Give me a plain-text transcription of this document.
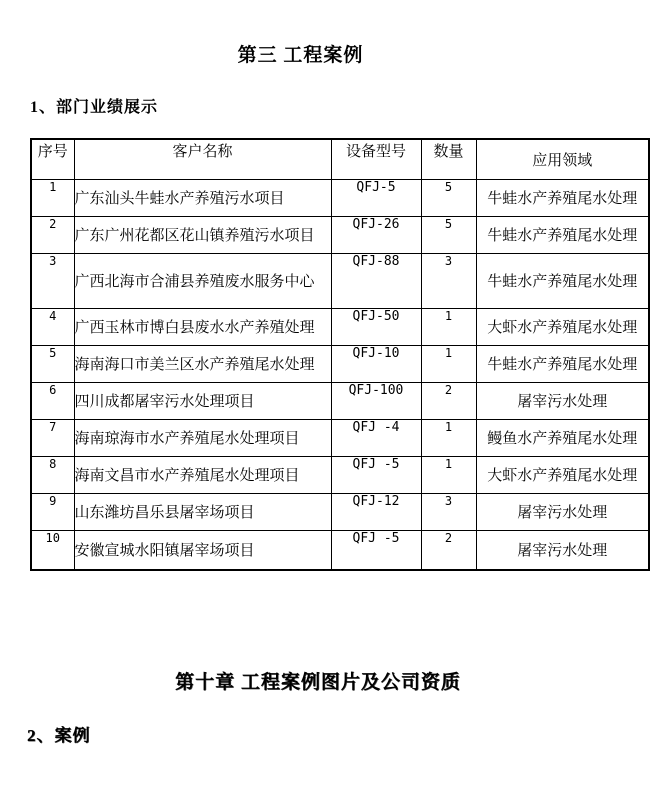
第三 工程案例
1、部门业绩展示
序号	客户名称	设备型号	数量	应用领域
1	广东汕头牛蛙水产养殖污水项目	QFJ-5	5	牛蛙水产养殖尾水处理
2	广东广州花都区花山镇养殖污水项目	QFJ-26	5	牛蛙水产养殖尾水处理
3	广西北海市合浦县养殖废水服务中心	QFJ-88	3	牛蛙水产养殖尾水处理
4	广西玉林市博白县废水水产养殖处理	QFJ-50	1	大虾水产养殖尾水处理
5	海南海口市美兰区水产养殖尾水处理	QFJ-10	1	牛蛙水产养殖尾水处理
6	四川成都屠宰污水处理项目	QFJ-100	2	屠宰污水处理
7	海南琼海市水产养殖尾水处理项目	QFJ -4	1	鳗鱼水产养殖尾水处理
8	海南文昌市水产养殖尾水处理项目	QFJ -5	1	大虾水产养殖尾水处理
9	山东潍坊昌乐县屠宰场项目	QFJ-12	3	屠宰污水处理
10	安徽宣城水阳镇屠宰场项目	QFJ -5	2	屠宰污水处理
第十章 工程案例图片及公司资质
2、案例
